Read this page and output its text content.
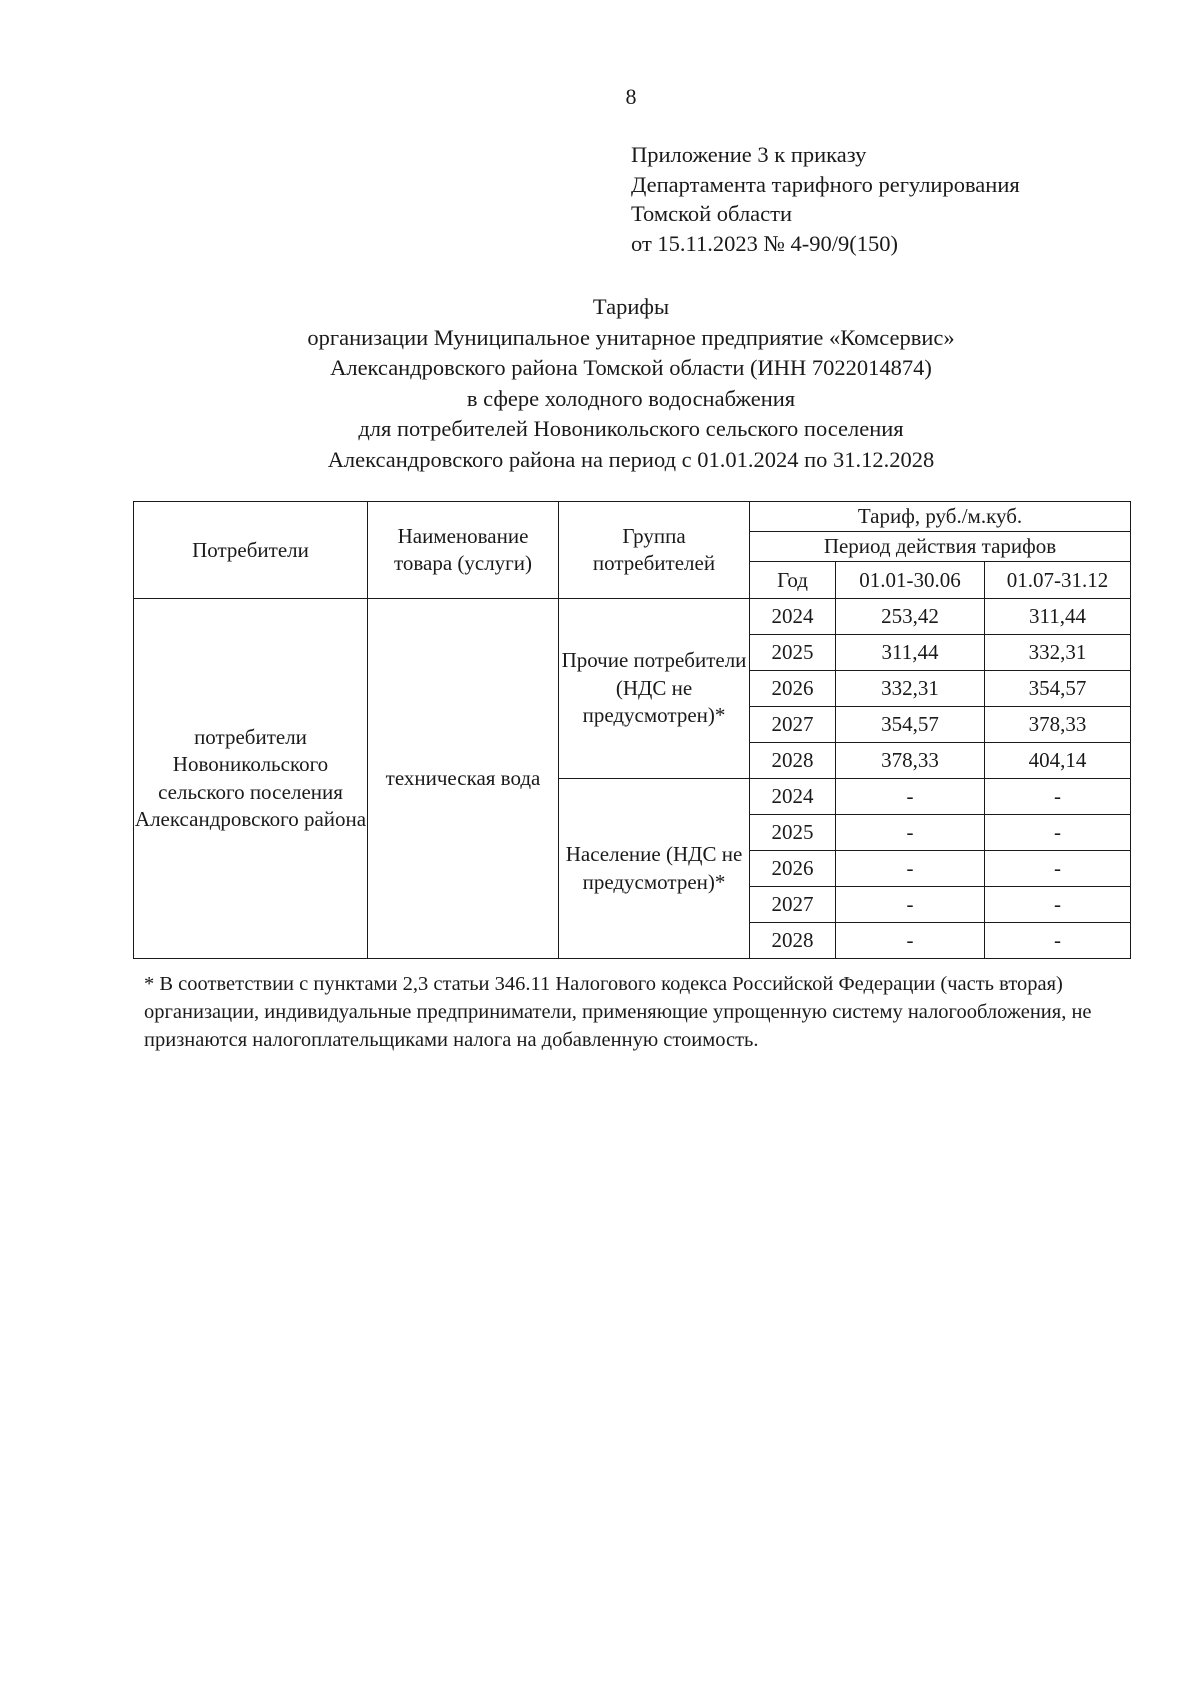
8
Приложение 3 к приказу
Департамента тарифного регулирования
Томской области
от 15.11.2023 № 4-90/9(150)
Тарифы
организации Муниципальное унитарное предприятие «Комсервис»
Александровского района Томской области (ИНН 7022014874)
в сфере холодного водоснабжения
для потребителей Новоникольского сельского поселения
Александровского района на период с 01.01.2024 по 31.12.2028
Потребители	Наименование товара (услуги)	Группа потребителей	Тариф, руб./м.куб.		
			Период действия тарифов		
			Год	01.01-30.06	01.07-31.12
потребители Новоникольского сельского поселения Александровского района	техническая вода	Прочие потребители (НДС не предусмотрен)*	2024	253,42	311,44
			2025	311,44	332,31
			2026	332,31	354,57
			2027	354,57	378,33
			2028	378,33	404,14
		Население (НДС не предусмотрен)*	2024	-	-
			2025	-	-
			2026	-	-
			2027	-	-
			2028	-	-
* В соответствии с пунктами 2,3 статьи 346.11 Налогового кодекса Российской Федерации (часть вторая) организации, индивидуальные предприниматели, применяющие упрощенную систему налогообложения, не признаются налогоплательщиками налога на добавленную стоимость.
